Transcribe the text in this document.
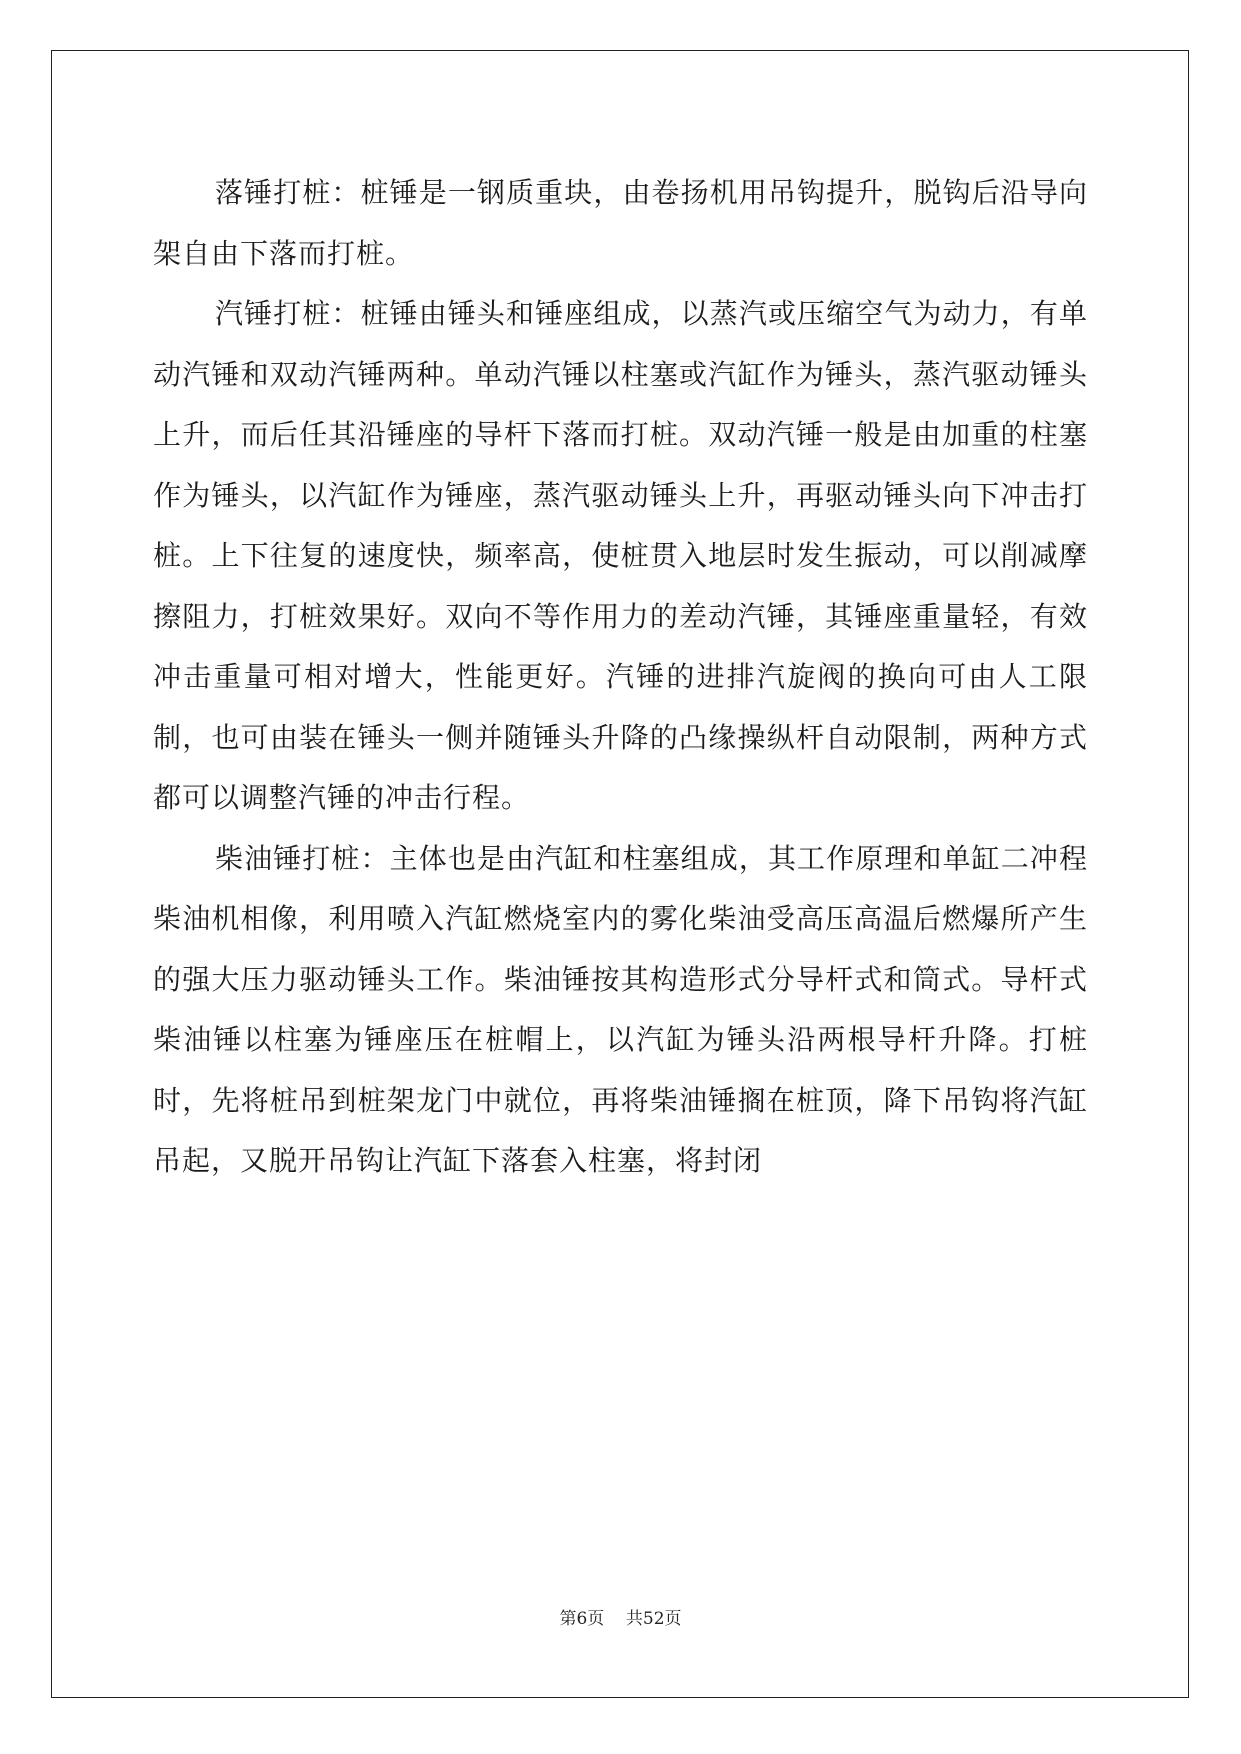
落锤打桩：桩锤是一钢质重块，由卷扬机用吊钩提升，脱钩后沿导向架自由下落而打桩。

汽锤打桩：桩锤由锤头和锤座组成，以蒸汽或压缩空气为动力，有单动汽锤和双动汽锤两种。单动汽锤以柱塞或汽缸作为锤头，蒸汽驱动锤头上升，而后任其沿锤座的导杆下落而打桩。双动汽锤一般是由加重的柱塞作为锤头，以汽缸作为锤座，蒸汽驱动锤头上升，再驱动锤头向下冲击打桩。上下往复的速度快，频率高，使桩贯入地层时发生振动，可以削减摩擦阻力，打桩效果好。双向不等作用力的差动汽锤，其锤座重量轻，有效冲击重量可相对增大，性能更好。汽锤的进排汽旋阀的换向可由人工限制，也可由装在锤头一侧并随锤头升降的凸缘操纵杆自动限制，两种方式都可以调整汽锤的冲击行程。

柴油锤打桩：主体也是由汽缸和柱塞组成，其工作原理和单缸二冲程柴油机相像，利用喷入汽缸燃烧室内的雾化柴油受高压高温后燃爆所产生的强大压力驱动锤头工作。柴油锤按其构造形式分导杆式和筒式。导杆式柴油锤以柱塞为锤座压在桩帽上，以汽缸为锤头沿两根导杆升降。打桩时，先将桩吊到桩架龙门中就位，再将柴油锤搁在桩顶，降下吊钩将汽缸吊起，又脱开吊钩让汽缸下落套入柱塞，将封闭

第6页 共52页
